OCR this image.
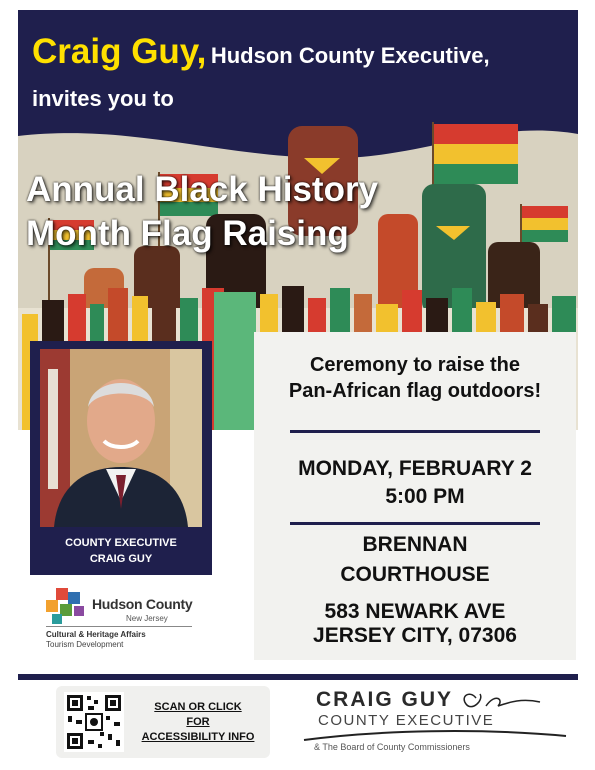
Craig Guy, Hudson County Executive,
invites you to
Annual Black History
Month Flag Raising
COUNTY EXECUTIVE
CRAIG GUY
Hudson County
New Jersey
Cultural & Heritage Affairs
Tourism Development
Ceremony to raise the
Pan-African flag outdoors!
MONDAY, FEBRUARY 2
5:00 PM
BRENNAN
COURTHOUSE
583 NEWARK AVE
JERSEY CITY, 07306
SCAN OR CLICK
FOR
ACCESSIBILITY INFO
CRAIG GUY
COUNTY EXECUTIVE
& The Board of County Commissioners
